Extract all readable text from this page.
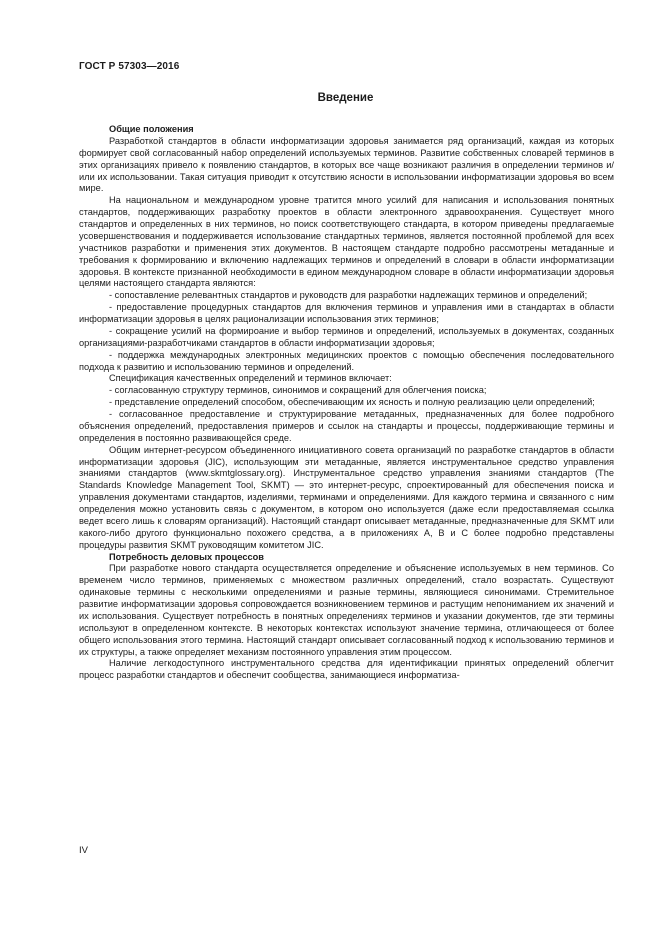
ГОСТ Р 57303—2016
Введение
Общие положения

Разработкой стандартов в области информатизации здоровья занимается ряд организаций, каждая из которых формирует свой согласованный набор определений используемых терминов. Развитие собственных словарей терминов в этих организациях привело к появлению стандартов, в которых все чаще возникают различия в определении терминов и/или их использовании. Такая ситуация приводит к отсутствию ясности в использовании информатизации здоровья во всем мире.

На национальном и международном уровне тратится много усилий для написания и использования понятных стандартов, поддерживающих разработку проектов в области электронного здравоохранения. Существует много стандартов и определенных в них терминов, но поиск соответствующего стандарта, в котором приведены предлагаемые усовершенствования и поддерживается использование стандартных терминов, является постоянной проблемой для всех участников разработки и применения этих документов. В настоящем стандарте подробно рассмотрены метаданные и требования к формированию и включению надлежащих терминов и определений в словари в области информатизации здоровья. В контексте признанной необходимости в едином международном словаре в области информатизации здоровья целями настоящего стандарта являются:

- сопоставление релевантных стандартов и руководств для разработки надлежащих терминов и определений;

- предоставление процедурных стандартов для включения терминов и управления ими в стандартах в области информатизации здоровья в целях рационализации использования этих терминов;

- сокращение усилий на формироание и выбор терминов и определений, используемых в документах, созданных организациями-разработчиками стандартов в области информатизации здоровья;

- поддержка международных электронных медицинских проектов с помощью обеспечения последовательного подхода к развитию и использованию терминов и определений.

Спецификация качественных определений и терминов включает:

- согласованную структуру терминов, синонимов и сокращений для облегчения поиска;

- представление определений способом, обеспечивающим их ясность и полную реализацию цели определений;

- согласованное предоставление и структурирование метаданных, предназначенных для более подробного объяснения определений, предоставления примеров и ссылок на стандарты и процессы, поддерживающие термины и определения в постоянно развивающейся среде.

Общим интернет-ресурсом объединенного инициативного совета организаций по разработке стандартов в области информатизации здоровья (JIC), использующим эти метаданные, является инструментальное средство управления знаниями стандартов (www.skmtglossary.org). Инструментальное средство управления знаниями стандартов (The Standards Knowledge Management Tool, SKMT) — это интернет-ресурс, спроектированный для обеспечения поиска и управления документами стандартов, изделиями, терминами и определениями. Для каждого термина и связанного с ним определения можно установить связь с документом, в котором оно используется (даже если предоставляемая ссылка ведет всего лишь к словарям организаций). Настоящий стандарт описывает метаданные, предназначенные для SKMT или какого-либо другого функционально похожего средства, а в приложениях А, В и С более подробно представлены процедуры развития SKMT руководящим комитетом JIC.

Потребность деловых процессов

При разработке нового стандарта осуществляется определение и объяснение используемых в нем терминов. Со временем число терминов, применяемых с множеством различных определений, стало возрастать. Существуют одинаковые термины с несколькими определениями и разные термины, являющиеся синонимами. Стремительное развитие информатизации здоровья сопровождается возникновением терминов и растущим непониманием их значений и их использования. Существует потребность в понятных определениях терминов и указании документов, где эти термины используют в определенном контексте. В некоторых контекстах используют значение термина, отличающееся от более общего использования этого термина. Настоящий стандарт описывает согласованный подход к использованию терминов и их структуры, а также определяет механизм постоянного управления этим процессом.

Наличие легкодоступного инструментального средства для идентификации принятых определений облегчит процесс разработки стандартов и обеспечит сообщества, занимающиеся информатиза-

IV
